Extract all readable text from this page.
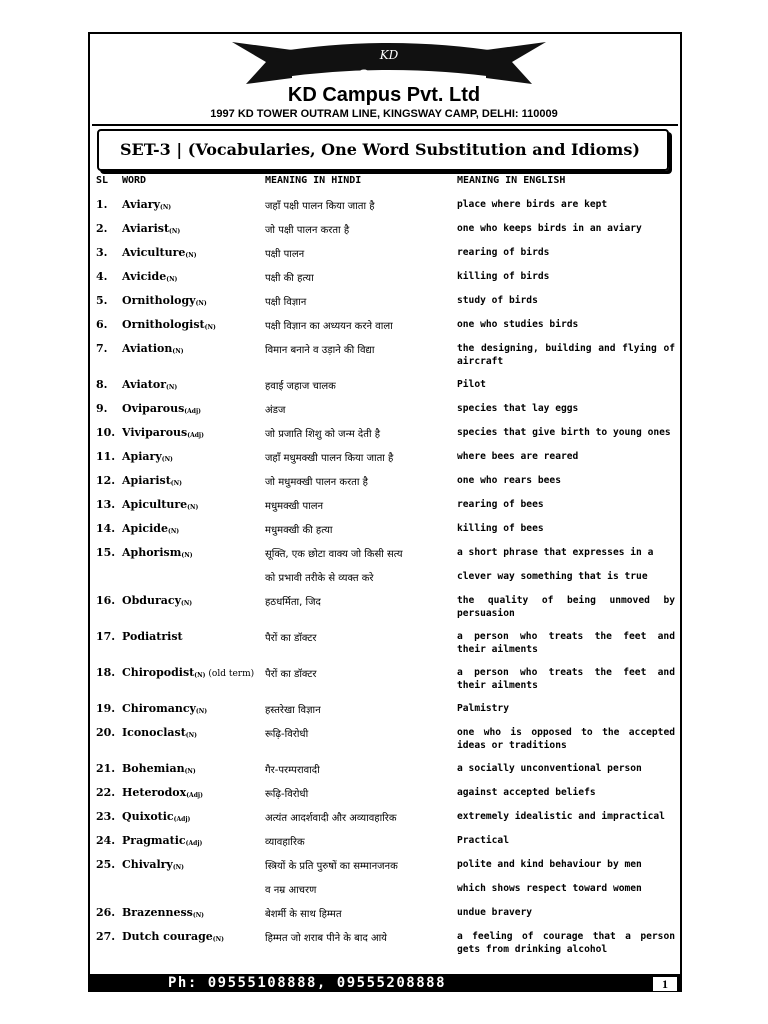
KD
Campus
KD Campus Pvt. Ltd
1997 KD TOWER OUTRAM LINE, KINGSWAY CAMP, DELHI: 110009
SET-3 | (Vocabularies, One Word Substitution and Idioms)
SL WORD	MEANING IN HINDI	MEANING IN ENGLISH
1. Aviary$_{(N)}$	जहाँ पक्षी पालन किया जाता है	place where birds are kept
2. Aviarist$_{(N)}$	जो पक्षी पालन करता है	one who keeps birds in an aviary
3. Aviculture$_{(N)}$	पक्षी पालन	rearing of birds
4. Avicide$_{(N)}$	पक्षी की हत्या	killing of birds
5. Ornithology$_{(N)}$	पक्षी विज्ञान	study of birds
6. Ornithologist$_{(N)}$	पक्षी विज्ञान का अध्ययन करने वाला	one who studies birds
7. Aviation$_{(N)}$	विमान बनाने व उड़ाने की विद्या	the designing, building and flying of aircraft
8. Aviator$_{(N)}$	हवाई जहाज चालक	Pilot
9. Oviparous$_{(Adj)}$	अंडज	species that lay eggs
10. Viviparous$_{(Adj)}$	जो प्रजाति शिशु को जन्म देती है	species that give birth to young ones
11. Apiary$_{(N)}$	जहाँ मधुमक्खी पालन किया जाता है	where bees are reared
12. Apiarist$_{(N)}$	जो मधुमक्खी पालन करता है	one who rears bees
13. Apiculture$_{(N)}$	मधुमक्खी पालन	rearing of bees
14. Apicide$_{(N)}$	मधुमक्खी की हत्या	killing of bees
15. Aphorism$_{(N)}$	सूक्ति, एक छोटा वाक्य जो किसी सत्य	a short phrase that expresses in a
को प्रभावी तरीके से व्यक्त करे	clever way something that is true
16. Obduracy$_{(N)}$	हठधर्मिता, जिद	the quality of being unmoved by persuasion
17. Podiatrist	पैरों का डॉक्टर	a person who treats the feet and their ailments
18. Chiropodist$_{(N)}$ (old term) पैरों का डॉक्टर	a person who treats the feet and their ailments
19. Chiromancy$_{(N)}$	हस्तरेखा विज्ञान	Palmistry
20. Iconoclast$_{(N)}$	रूढ़ि-विरोधी	one who is opposed to the accepted ideas or traditions
21. Bohemian$_{(N)}$	गैर-परम्परावादी	a socially unconventional person
22. Heterodox$_{(Adj)}$	रूढ़ि-विरोधी	against accepted beliefs
23. Quixotic$_{(Adj)}$	अत्यंत आदर्शवादी और अव्यावहारिक	extremely idealistic and impractical
24. Pragmatic$_{(Adj)}$	व्यावहारिक	Practical
25. Chivalry$_{(N)}$	स्त्रियों के प्रति पुरुषों का सम्मानजनक	polite and kind behaviour by men
व नम्र आचरण	which shows respect toward women
26. Brazenness$_{(N)}$	बेशर्मी के साथ हिम्मत	undue bravery
27. Dutch courage$_{(N)}$	हिम्मत जो शराब पीने के बाद आये	a feeling of courage that a person gets from drinking alcohol
Ph: 09555108888, 09555208888	1
